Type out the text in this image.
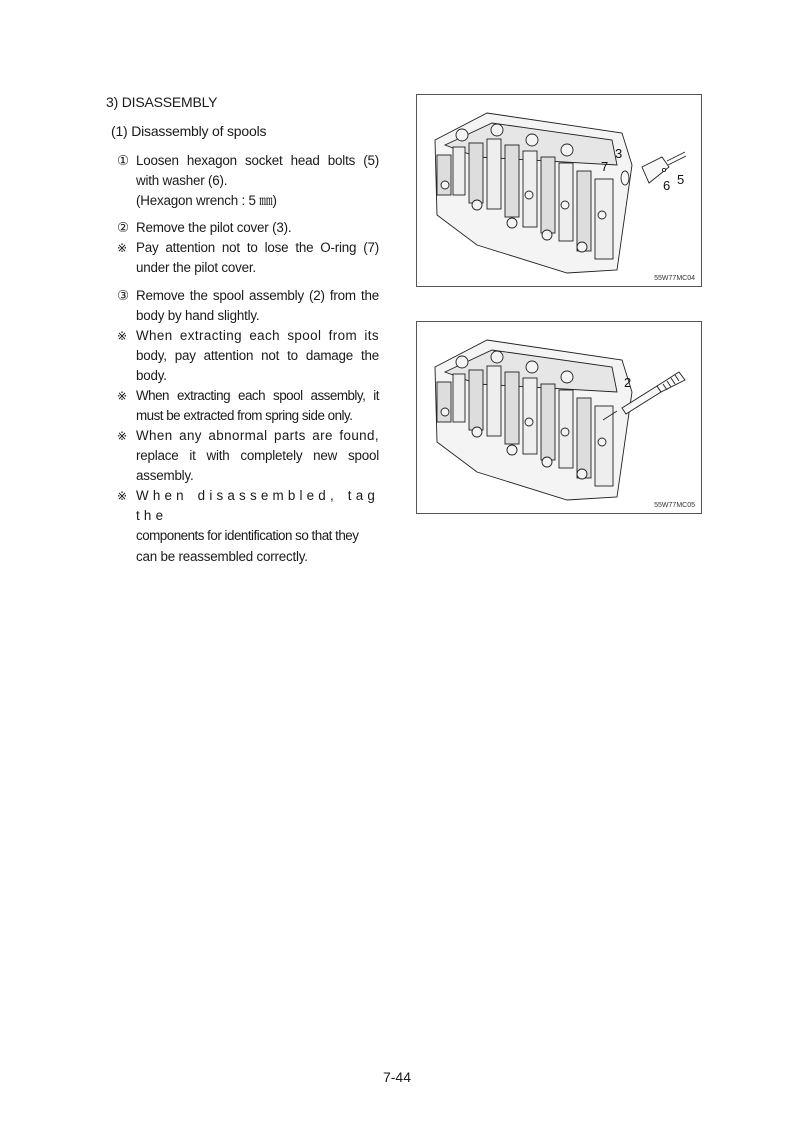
3) DISASSEMBLY
(1) Disassembly of spools
① Loosen hexagon socket head bolts (5)
with washer (6).
(Hexagon wrench : 5 ㎜)
② Remove the pilot cover (3).
※ Pay attention not to lose the O-ring (7)
under the pilot cover.
③ Remove the spool assembly (2) from the
body by hand slightly.
※ When extracting each spool from its
body, pay attention not to damage the
body.
※ When extracting each spool assembly, it
must be extracted from spring side only.
※ When any abnormal parts are found,
replace it with completely new spool
assembly.
※ When disassembled, tag the
components for identification so that they
can be reassembled correctly.
3
7
6 5
55W77MC04
2
55W77MC05
7-44
